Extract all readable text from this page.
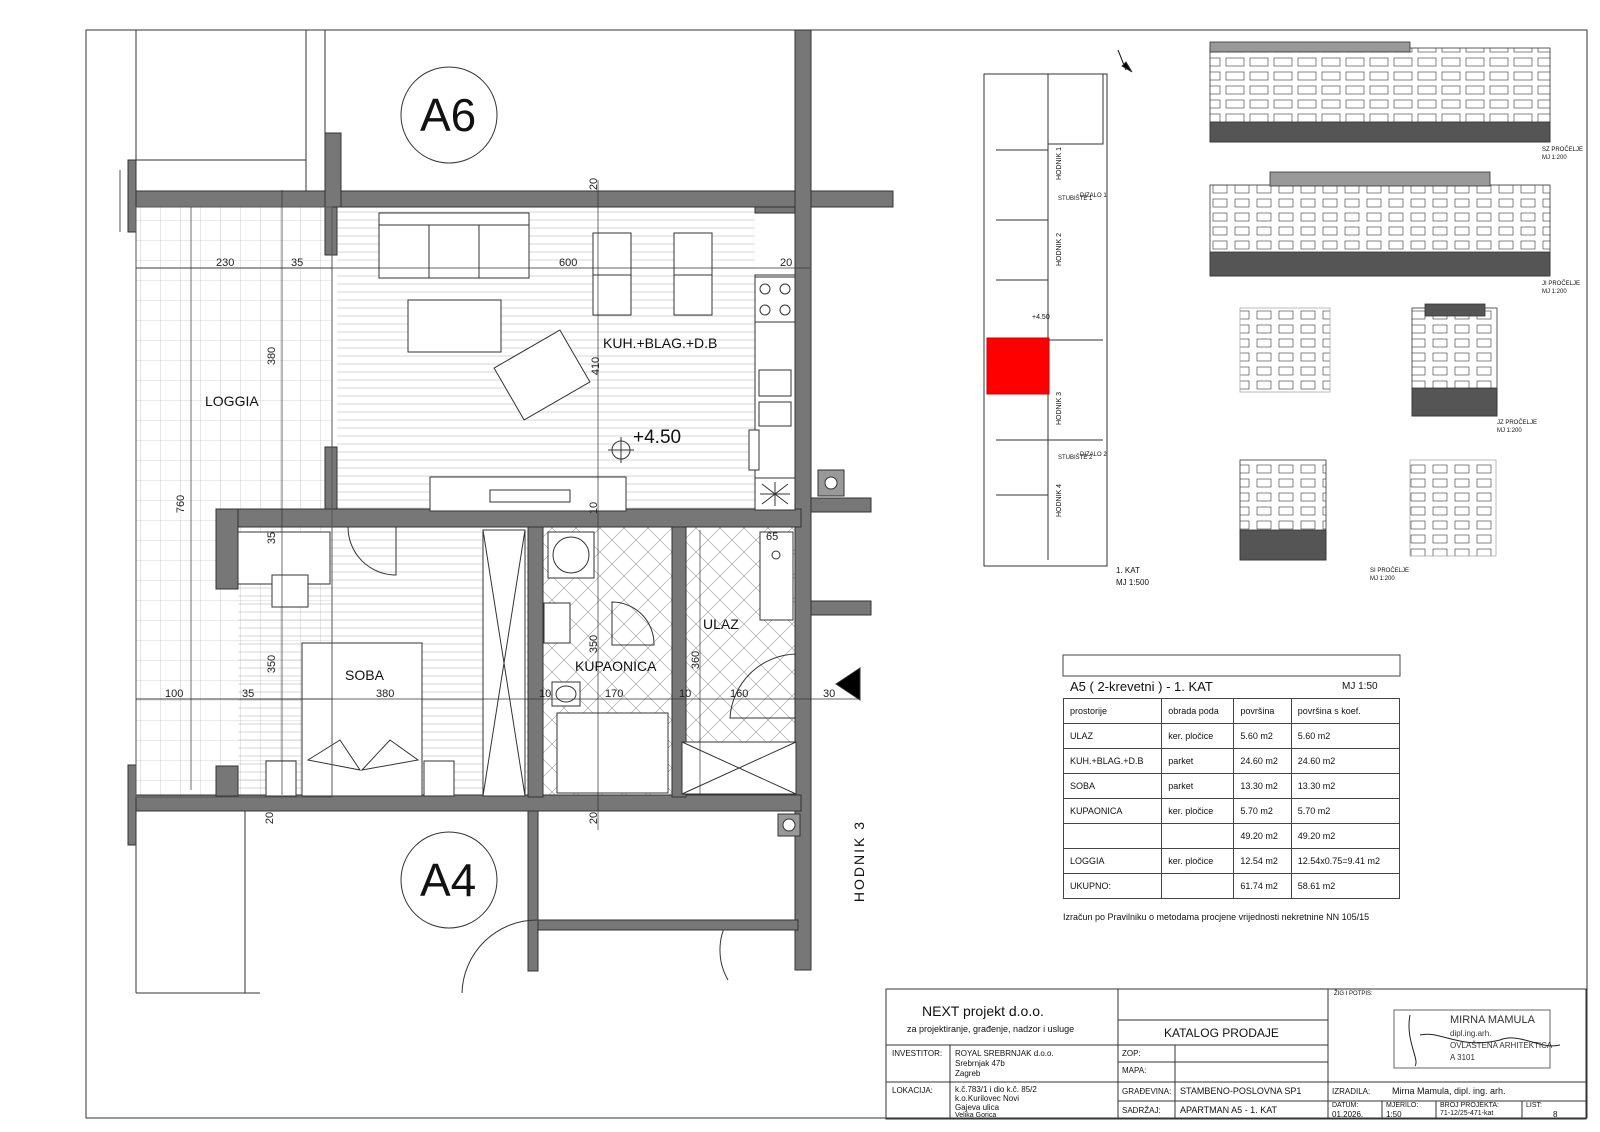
A6
A4
LOGGIA
KUH.+BLAG.+D.B
SOBA
KUPAONICA
ULAZ
HODNIK 3
+4.50
230	35	600
20
20
380
410
760	10
35	65
350
350
360
100	35	380	10	170	10	160	30
20	20
HODNIK 1
HODNIK 2
HODNIK 3
HODNIK 4
STUBIŠTE 1
STUBIŠTE 2
DIZALO 1
DIZALO 2
+4.50
1. KAT
MJ 1:500
SZ PROČELJE
MJ 1:200
JI PROČELJE
MJ 1:200
JZ PROČELJE
MJ 1:200
SI PROČELJE
MJ 1:200
A5 ( 2-krevetni ) - 1. KAT	MJ 1:50
prostorije	obrada poda	površina	površina s koef.
ULAZ	ker. pločice	5.60 m2	5.60 m2
KUH.+BLAG.+D.B	parket	24.60 m2	24.60 m2
SOBA	parket	13.30 m2	13.30 m2
KUPAONICA	ker. pločice	5.70 m2	5.70 m2
		49.20 m2	49.20 m2
LOGGIA	ker. pločice	12.54 m2	12.54x0.75=9.41 m2
UKUPNO:		61.74 m2	58.61 m2
Izračun po Pravilniku o metodama procjene vrijednosti nekretnine NN 105/15
NEXT projekt d.o.o.
za projektiranje, građenje, nadzor i usluge	KATALOG PRODAJE
ŽIG I POTPIS:
INVESTITOR: ROYAL SREBRNJAK d.o.o.
Srebrnjak 47b
Zagreb
LOKACIJA:	k.č.783/1 i dio k.č. 85/2
k.o.Kurilovec Novi
Gajeva ulica
Velika Gorica
ZOP:
MAPA:
GRAĐEVINA: STAMBENO-POSLOVNA SP1
SADRŽAJ: APARTMAN A5 - 1. KAT
IZRADILA: Mirna Mamula, dipl. ing. arh.
DATUM:
01.2026.
MJERILO:
1:50
BROJ PROJEKTA:
71-12/25-471-kat
LIST:
8
MIRNA MAMULA
dipl.ing.arh.
OVLAŠTENA ARHITEKTICA
A 3101
